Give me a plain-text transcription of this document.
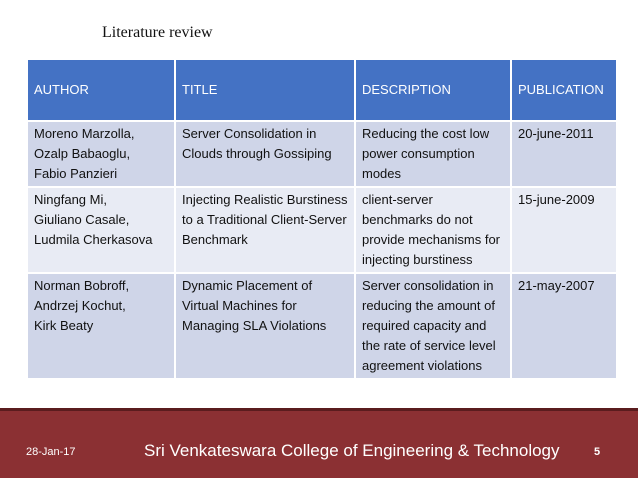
Literature review
AUTHOR	TITLE	DESCRIPTION	PUBLICATION
Moreno Marzolla,
Ozalp Babaoglu,
Fabio Panzieri	Server Consolidation in Clouds through Gossiping	Reducing the cost low power consumption modes	20-june-2011
Ningfang Mi,
Giuliano Casale,
Ludmila Cherkasova	Injecting Realistic Burstiness to a Traditional Client-Server Benchmark	client-server benchmarks do not provide mechanisms for injecting burstiness	15-june-2009
Norman Bobroff,
Andrzej Kochut,
Kirk Beaty	Dynamic Placement of Virtual Machines for Managing SLA Violations	Server consolidation in reducing the amount of required capacity and the rate of service level agreement violations	21-may-2007
28-Jan-17	Sri Venkateswara College of Engineering & Technology	5
